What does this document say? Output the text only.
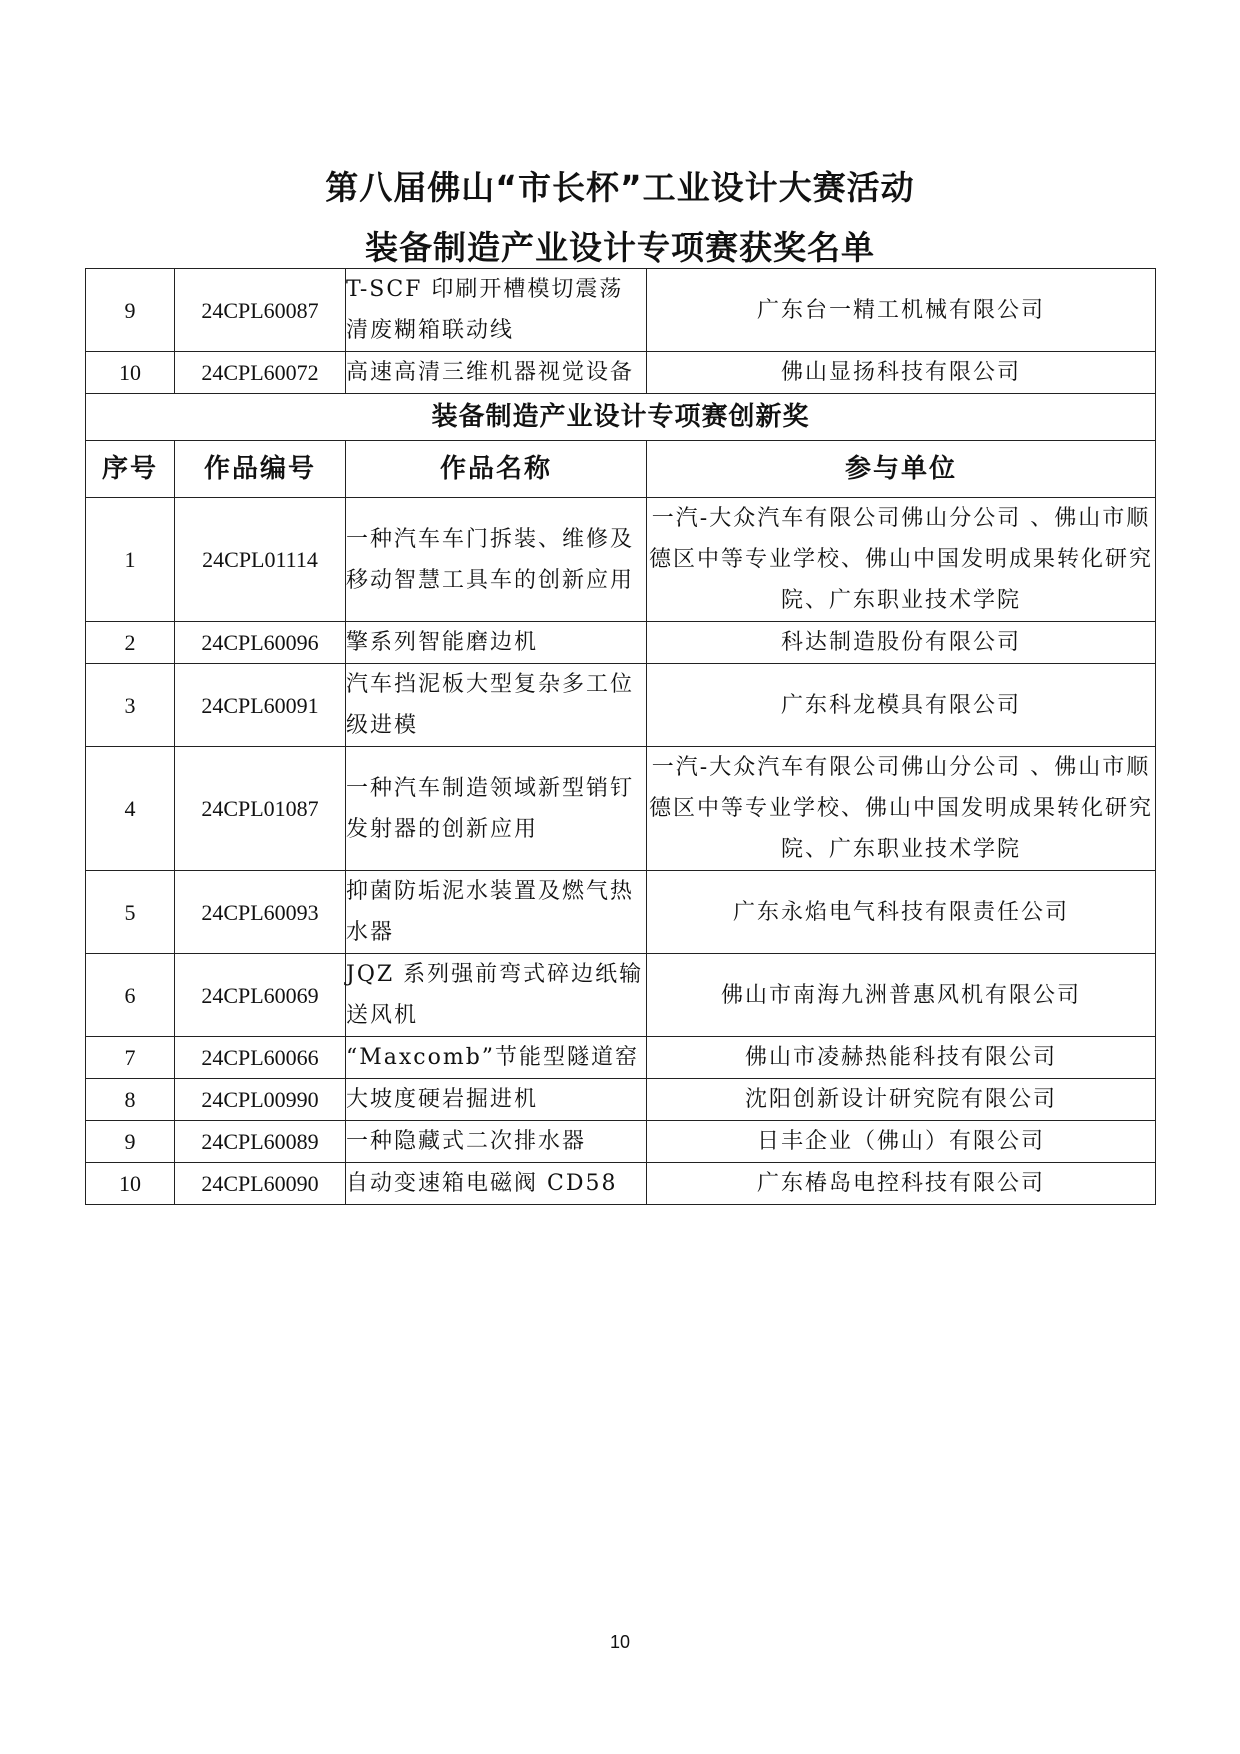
第八届佛山“市长杯”工业设计大赛活动
装备制造产业设计专项赛获奖名单
9	24CPL60087	T-SCF 印刷开槽模切震荡清废糊箱联动线	广东台一精工机械有限公司
10	24CPL60072	高速高清三维机器视觉设备	佛山显扬科技有限公司
装备制造产业设计专项赛创新奖			
序号	作品编号	作品名称	参与单位
1	24CPL01114	一种汽车车门拆装、维修及移动智慧工具车的创新应用	一汽-大众汽车有限公司佛山分公司 、佛山市顺德区中等专业学校、佛山中国发明成果转化研究院、广东职业技术学院
2	24CPL60096	擎系列智能磨边机	科达制造股份有限公司
3	24CPL60091	汽车挡泥板大型复杂多工位级进模	广东科龙模具有限公司
4	24CPL01087	一种汽车制造领域新型销钉发射器的创新应用	一汽-大众汽车有限公司佛山分公司 、佛山市顺德区中等专业学校、佛山中国发明成果转化研究院、广东职业技术学院
5	24CPL60093	抑菌防垢泥水装置及燃气热水器	广东永焰电气科技有限责任公司
6	24CPL60069	JQZ 系列强前弯式碎边纸输送风机	佛山市南海九洲普惠风机有限公司
7	24CPL60066	“Maxcomb”节能型隧道窑	佛山市凌赫热能科技有限公司
8	24CPL00990	大坡度硬岩掘进机	沈阳创新设计研究院有限公司
9	24CPL60089	一种隐藏式二次排水器	日丰企业（佛山）有限公司
10	24CPL60090	自动变速箱电磁阀 CD58	广东椿岛电控科技有限公司
10
